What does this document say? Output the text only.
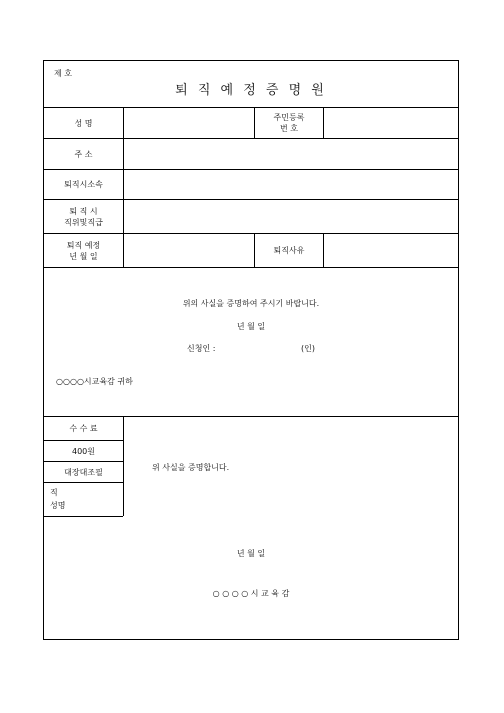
제 호
퇴 직 예 정 증 명 원
성 명
주민등록
번 호
주 소
퇴직시소속
퇴 직 시
직위및직급
퇴직 예정
년 월 일
퇴직사유
위의 사실을 증명하여 주시기 바랍니다.
년 월 일
신청인 :	(인)
○○○○시교육감 귀하
수 수 료
400원
대장대조필
직
성명
위 사실을 증명합니다.
년 월 일
○ ○ ○ ○ 시 교 육 감
